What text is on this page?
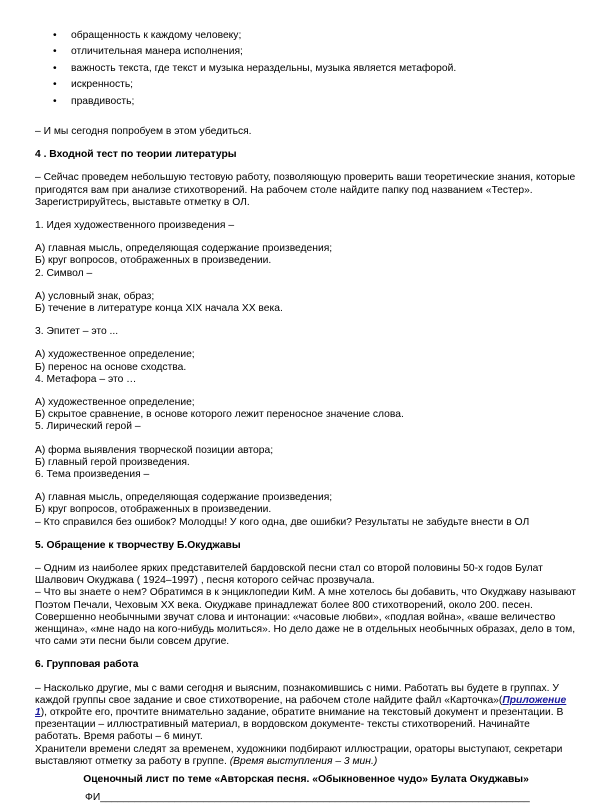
• обращенность к каждому человеку;
• отличительная манера исполнения;
• важность текста, где текст и музыка нераздельны, музыка является метафорой.
• искренность;
• правдивость;

– И мы сегодня попробуем в этом убедиться.

4 . Входной тест по теории литературы

– Сейчас проведем небольшую тестовую работу, позволяющую проверить ваши теоретические знания, которые пригодятся вам при анализе стихотворений. На рабочем столе найдите папку под названием «Тестер». Зарегистрируйтесь, выставьте отметку в ОЛ.

1. Идея художественного произведения –

А) главная мысль, определяющая содержание произведения;

Б) круг вопросов, отображенных в произведении.

2. Символ –

А) условный знак, образ;

Б) течение в литературе конца XIX начала XX века.

3. Эпитет – это ...

А) художественное определение;

Б) перенос на основе сходства.

4. Метафора – это …

А) художественное определение;

Б) скрытое сравнение, в основе которого лежит переносное значение слова.

5. Лирический герой –

А) форма выявления творческой позиции автора;

Б) главный герой произведения.

6. Тема произведения –

А) главная мысль, определяющая содержание произведения;

Б) круг вопросов, отображенных в произведении.

– Кто справился без ошибок? Молодцы! У кого одна, две ошибки? Результаты не забудьте внести в ОЛ

5. Обращение к творчеству Б.Окуджавы

– Одним из наиболее ярких представителей бардовской песни стал со второй половины 50-х годов Булат Шалвович Окуджава ( 1924–1997) , песня которого сейчас прозвучала.

– Что вы знаете о нем? Обратимся в к энциклопедии КиМ. А мне хотелось бы добавить, что Окуджаву называют Поэтом Печали, Чеховым ХХ века. Окуджаве принадлежат более 800 стихотворений, около 200. песен. Совершенно необычными звучат слова и интонации: «часовые любви», «подлая война», «ваше величество женщина», «мне надо на кого-нибудь молиться». Но дело даже не в отдельных необычных образах, дело в том, что сами эти песни были совсем другие.

6. Групповая работа

– Насколько другие, мы с вами сегодня и выясним, познакомившись с ними. Работать вы будете в группах. У каждой группы свое задание и свое стихотворение, на рабочем столе найдите файл «Карточка»(Приложение 1), откройте его, прочтите внимательно задание, обратите внимание на текстовый документ и презентации. В презентации – иллюстративный материал, в вордовском документе- тексты стихотворений. Начинайте работать. Время работы – 6 минут.

Хранители времени следят за временем, художники подбирают иллюстрации, ораторы выступают, секретари выставляют отметку за работу в группе. (Время выступления – 3 мин.)

Оценочный лист по теме «Авторская песня. «Обыкновенное чудо» Булата Окуджавы»

ФИ___________________________________________________________________________
